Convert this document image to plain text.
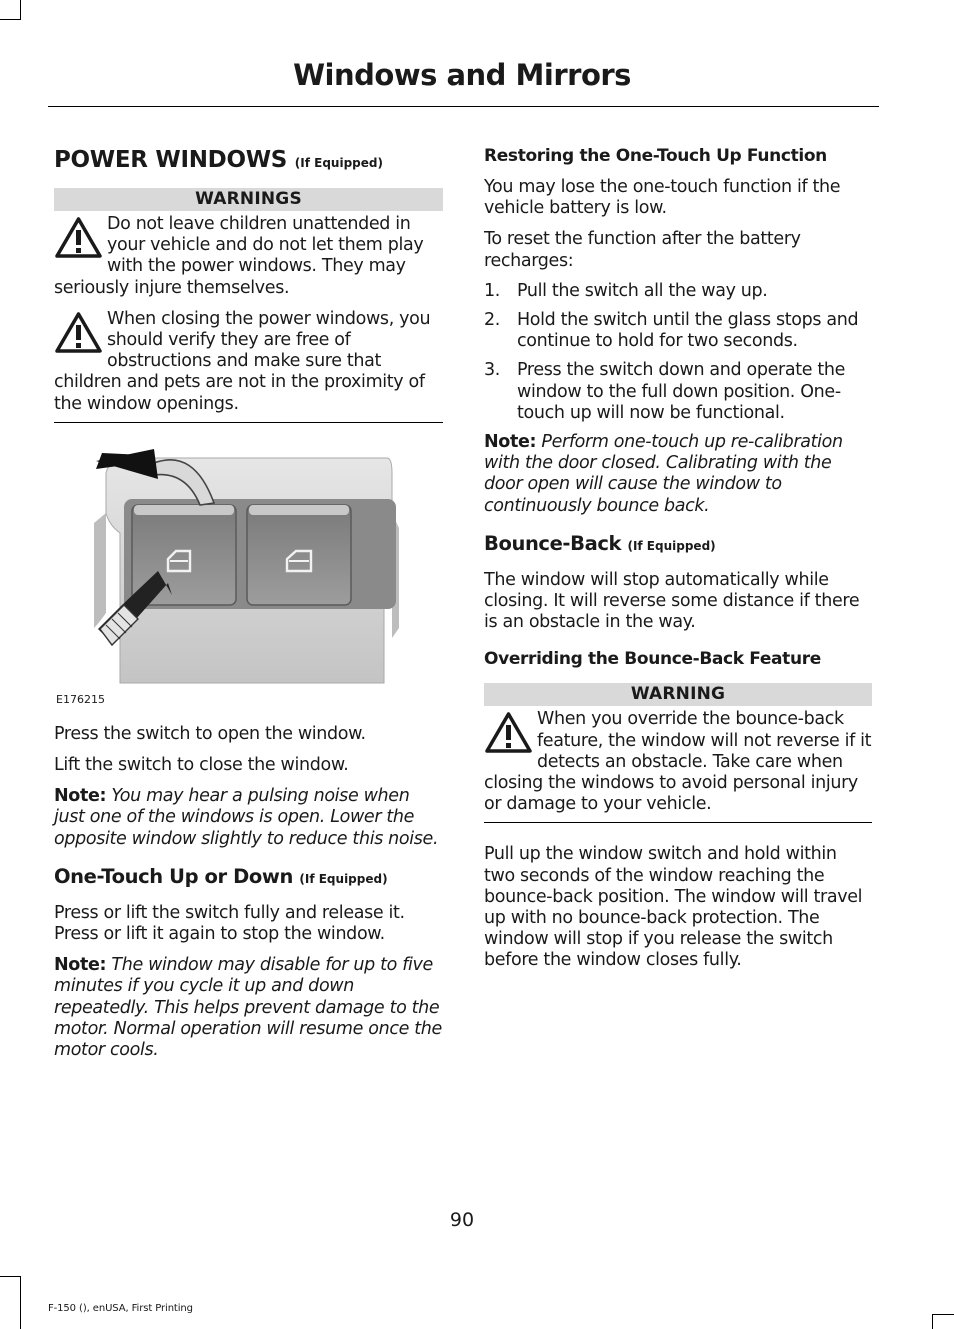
Windows and Mirrors
POWER WINDOWS (If Equipped)
WARNINGS

Do not leave children unattended in your vehicle and do not let them play with the power windows. They may seriously injure themselves.

When closing the power windows, you should verify they are free of obstructions and make sure that children and pets are not in the proximity of the window openings.

E176215

Press the switch to open the window.

Lift the switch to close the window.

Note: You may hear a pulsing noise when just one of the windows is open. Lower the opposite window slightly to reduce this noise.

One-Touch Up or Down (If Equipped)

Press or lift the switch fully and release it. Press or lift it again to stop the window.

Note: The window may disable for up to five minutes if you cycle it up and down repeatedly. This helps prevent damage to the motor. Normal operation will resume once the motor cools.

Restoring the One-Touch Up Function

You may lose the one-touch function if the vehicle battery is low.

To reset the function after the battery recharges:

1. Pull the switch all the way up.
2. Hold the switch until the glass stops and continue to hold for two seconds.
3. Press the switch down and operate the window to the full down position. One-touch up will now be functional.

Note: Perform one-touch up re-calibration with the door closed. Calibrating with the door open will cause the window to continuously bounce back.

Bounce-Back (If Equipped)

The window will stop automatically while closing. It will reverse some distance if there is an obstacle in the way.

Overriding the Bounce-Back Feature
WARNING

When you override the bounce-back feature, the window will not reverse if it detects an obstacle. Take care when closing the windows to avoid personal injury or damage to your vehicle.

Pull up the window switch and hold within two seconds of the window reaching the bounce-back position. The window will travel up with no bounce-back protection. The window will stop if you release the switch before the window closes fully.

90
F-150 (), enUSA, First Printing
